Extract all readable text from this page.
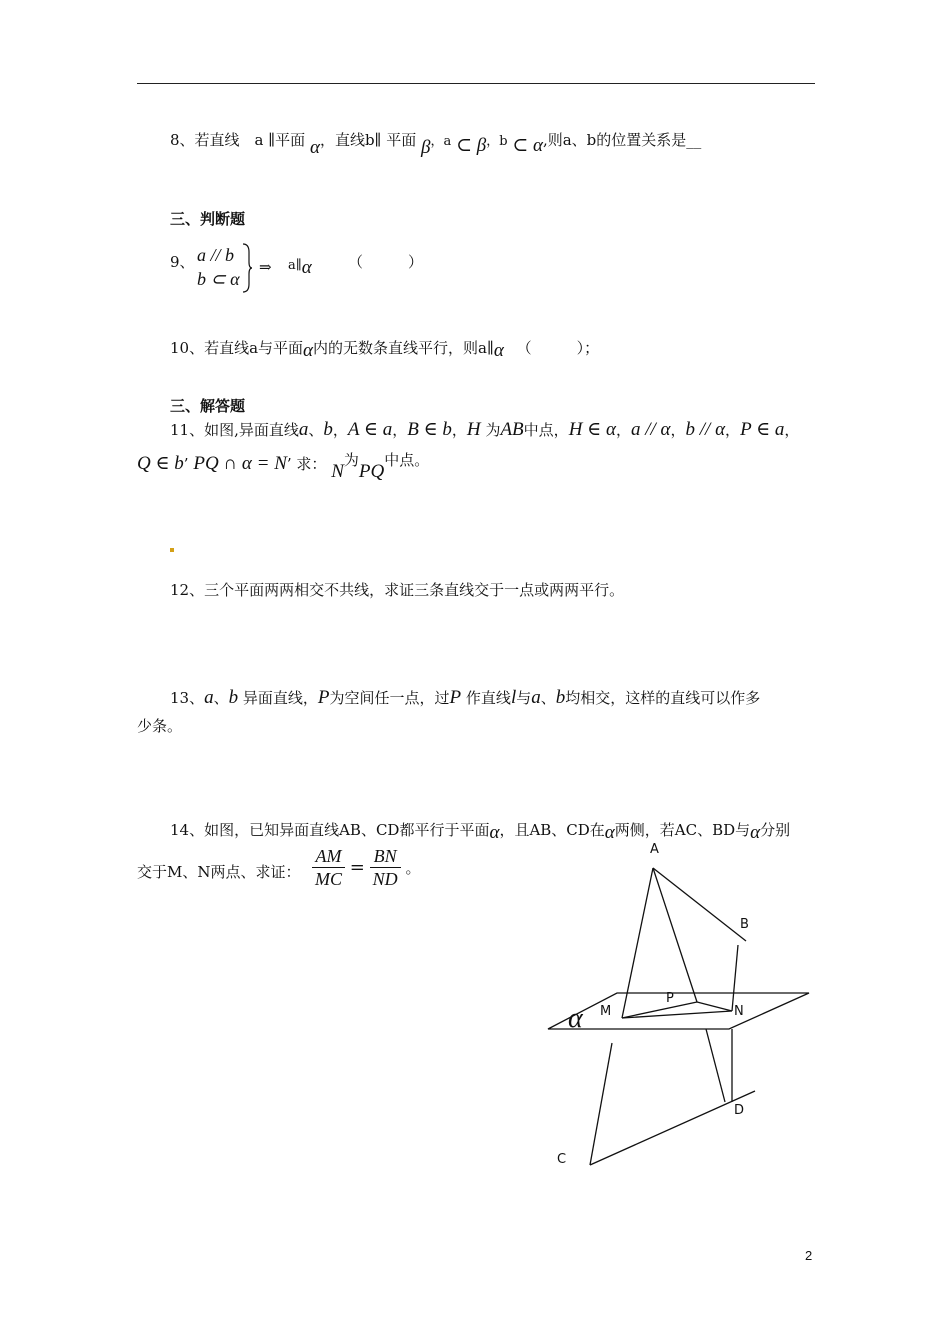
8、若直线　a ∥平面 α，直线b∥ 平面 β，a ⊂ β，b ⊂ α,则a、b的位置关系是__
三、判断题
9、 a // b
b ⊂ α
⇒ a∥α （　　　）
10、若直线a与平面α内的无数条直线平行，则a∥α （　　　）；
三、解答题
11、如图,异面直线a、b，A ∈ a，B ∈ b，H 为AB中点，H ∈ α，a // α，b // α，P ∈ a，
Q ∈ b’ PQ ∩ α = N’ 求： N为PQ中点。
12、三个平面两两相交不共线，求证三条直线交于一点或两两平行。
13、a、b 异面直线，P为空间任一点，过P 作直线l与a、b均相交，这样的直线可以作多
少条。
14、如图，已知异面直线AB、CD都平行于平面α，且AB、CD在α两侧，若AC、BD与α分别
交于M、N两点、求证： $\frac{AM}{MC} = \frac{BN}{ND}$ 。
A
B
P
M	N
D
C
α
2
